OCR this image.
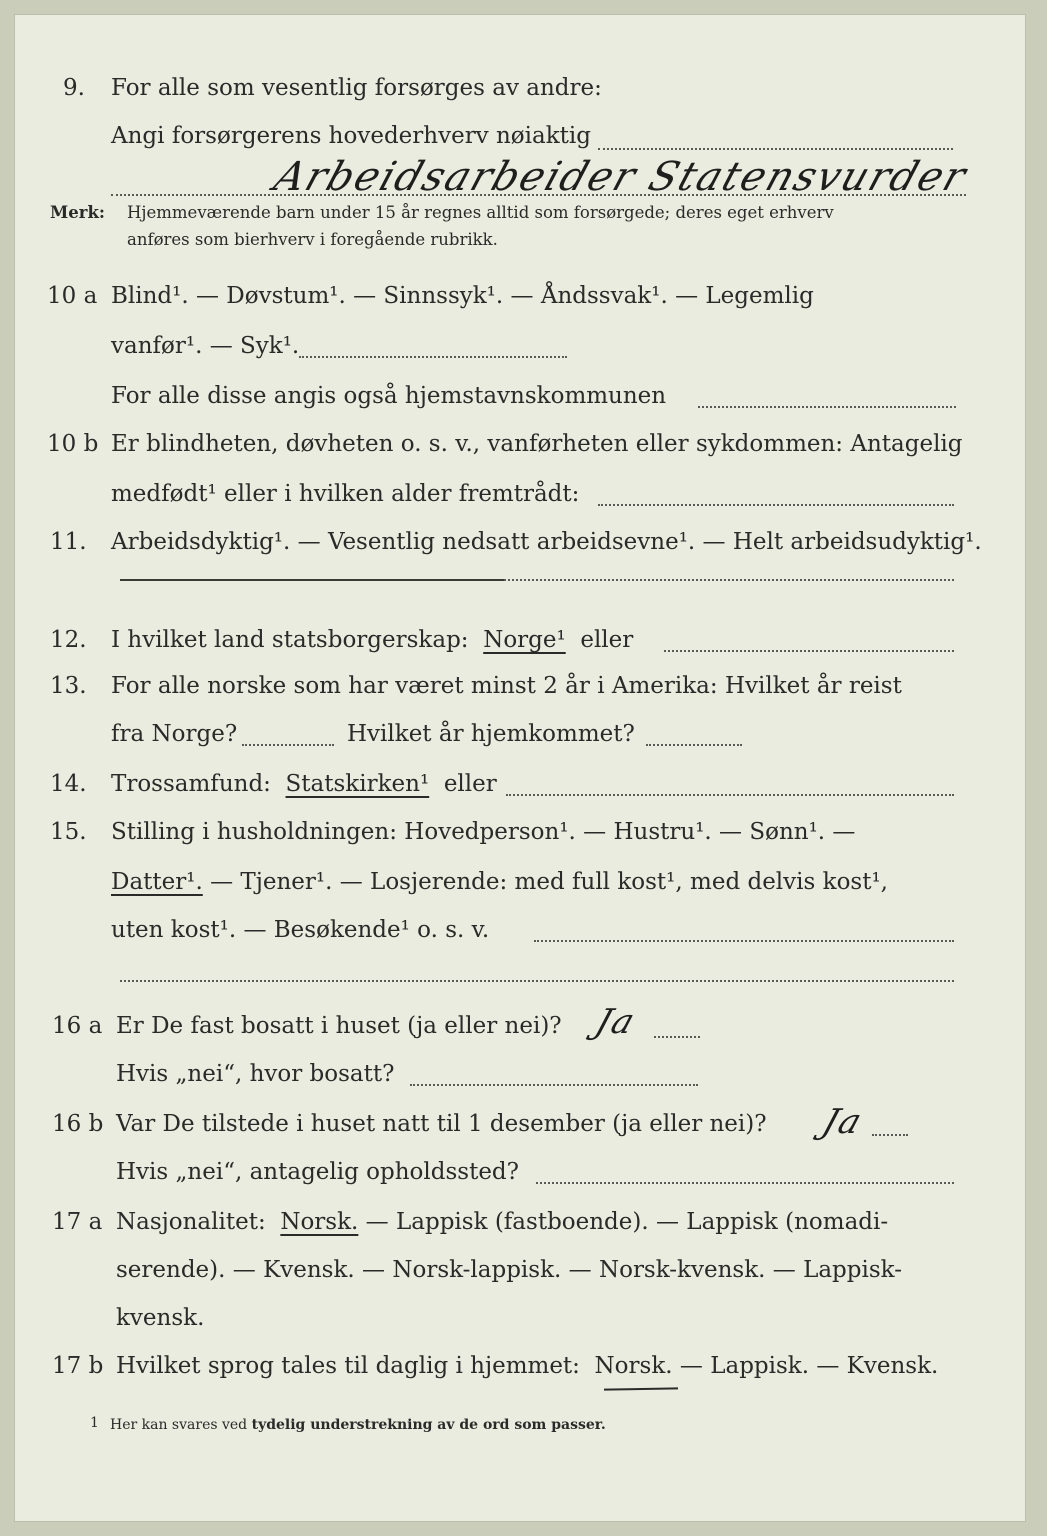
9. For alle som vesentlig forsørges av andre:
Angi forsørgerens hovederhverv nøiaktig
Arbeidsarbeider Statensvurder
Merk: Hjemmeværende barn under 15 år regnes alltid som forsørgede; deres eget erhverv
anføres som bierhverv i foregående rubrikk.
10 a Blind¹. — Døvstum¹. — Sinnssyk¹. — Åndssvak¹. — Legemlig
vanfør¹. — Syk¹.
For alle disse angis også hjemstavnskommunen
10 b Er blindheten, døvheten o. s. v., vanførheten eller sykdommen: Antagelig
medfødt¹ eller i hvilken alder fremtrådt:
11. Arbeidsdyktig¹. — Vesentlig nedsatt arbeidsevne¹. — Helt arbeidsudyktig¹.
12. I hvilket land statsborgerskap: Norge¹ eller
13. For alle norske som har været minst 2 år i Amerika: Hvilket år reist
fra Norge?	Hvilket år hjemkommet?
14. Trossamfund: Statskirken¹ eller
15. Stilling i husholdningen: Hovedperson¹. — Hustru¹. — Sønn¹. —
Datter¹. — Tjener¹. — Losjerende: med full kost¹, med delvis kost¹,
uten kost¹. — Besøkende¹ o. s. v.
16 a Er De fast bosatt i huset (ja eller nei)? Ja
Hvis „nei“, hvor bosatt?
16 b Var De tilstede i huset natt til 1 desember (ja eller nei)? Ja
Hvis „nei“, antagelig opholdssted?
17 a Nasjonalitet: Norsk. — Lappisk (fastboende). — Lappisk (nomadi-
serende). — Kvensk. — Norsk-lappisk. — Norsk-kvensk. — Lappisk-
kvensk.
17 b Hvilket sprog tales til daglig i hjemmet: Norsk. — Lappisk. — Kvensk.
1 Her kan svares ved tydelig understrekning av de ord som passer.
